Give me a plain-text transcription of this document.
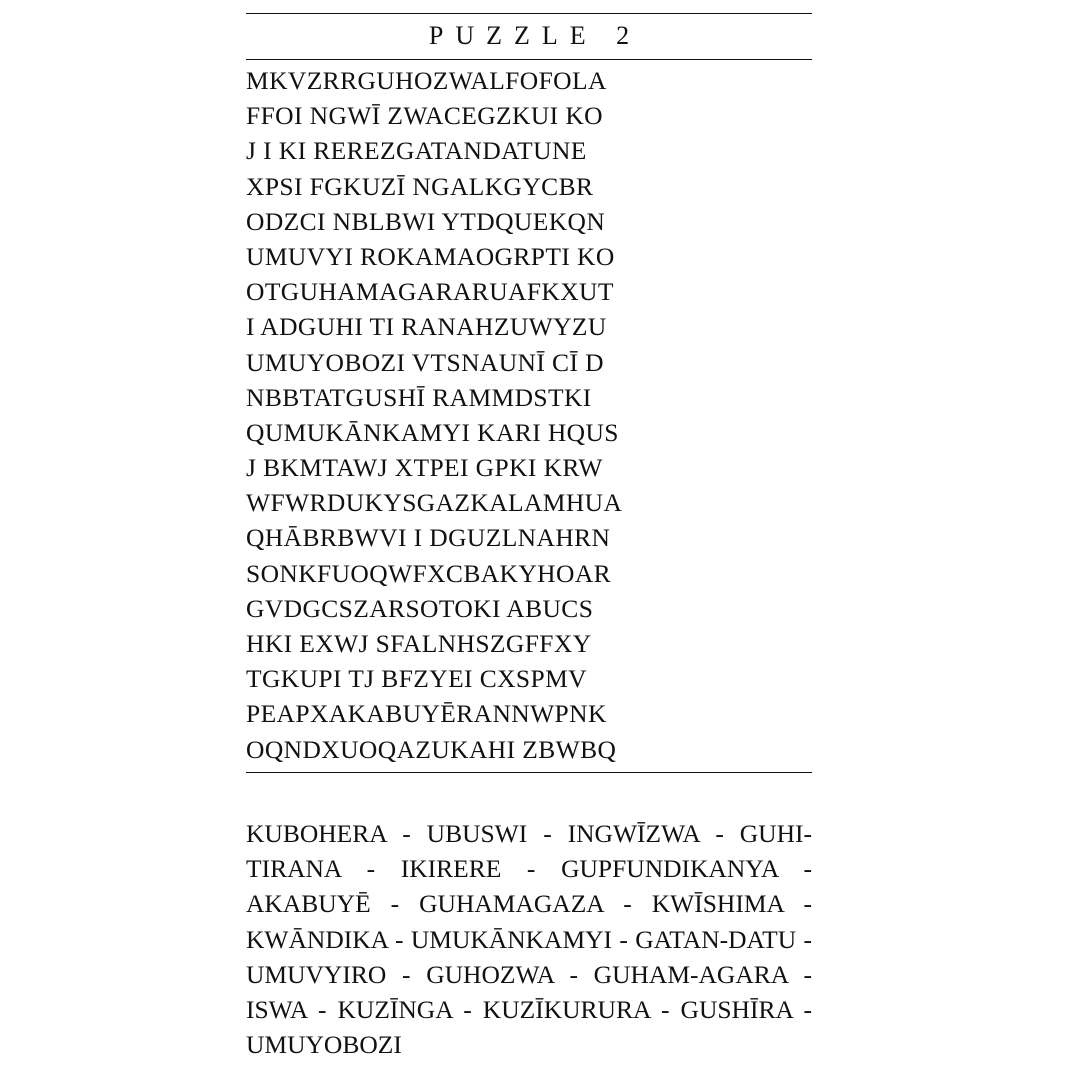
PUZZLE 2
MKVZRRGUHOZWALFOFOLA
FFOI NGWĪ ZWACEGZKUI KO
J I KI REREZGATANDATUNE
XPSI FGKUZĪ NGALKGYCBR
ODZCI NBLBWI YTDQUEKQN
UMUVYI ROKAMAOGRPTI KO
OTGUHAMAGARARUAFKXUT
I ADGUHI TI RANAHZUWYZU
UMUYOBOZI VTSNAUNĪ CĪ D
NBBTATGUSHĪ RAMMDSTKI
QUMUKĀNKAMYI KARI HQUS
J BKMTAWJ XTPEI GPKI KRW
WFWRDUKYSGAZKALAMHUA
QHĀBRBWVI I DGUZLNAHRN
SONKFUOQWFXCBAKYHOAR
GVDGCSZARSOTOKI ABUCS
HKI EXWJ SFALNHSZGFFXY
TGKUPI TJ BFZYEI CXSPMV
PEAPXAKABUYĒRANNWPNK
OQNDXUOQAZUKAHI ZBWBQ
KUBOHERA - UBUSWI - INGWĪZWA - GUHI-TIRANA - IKIRERE - GUPFUNDIKANYA - AKABUYĒ - GUHAMAGAZA - KWĪSHIMA - KWĀNDIKA - UMUKĀNKAMYI - GATAN-DATU - UMUVYIRO - GUHOZWA - GUHAM-AGARA - ISWA - KUZĪNGA - KUZĪKURURA - GUSHĪRA - UMUYOBOZI
